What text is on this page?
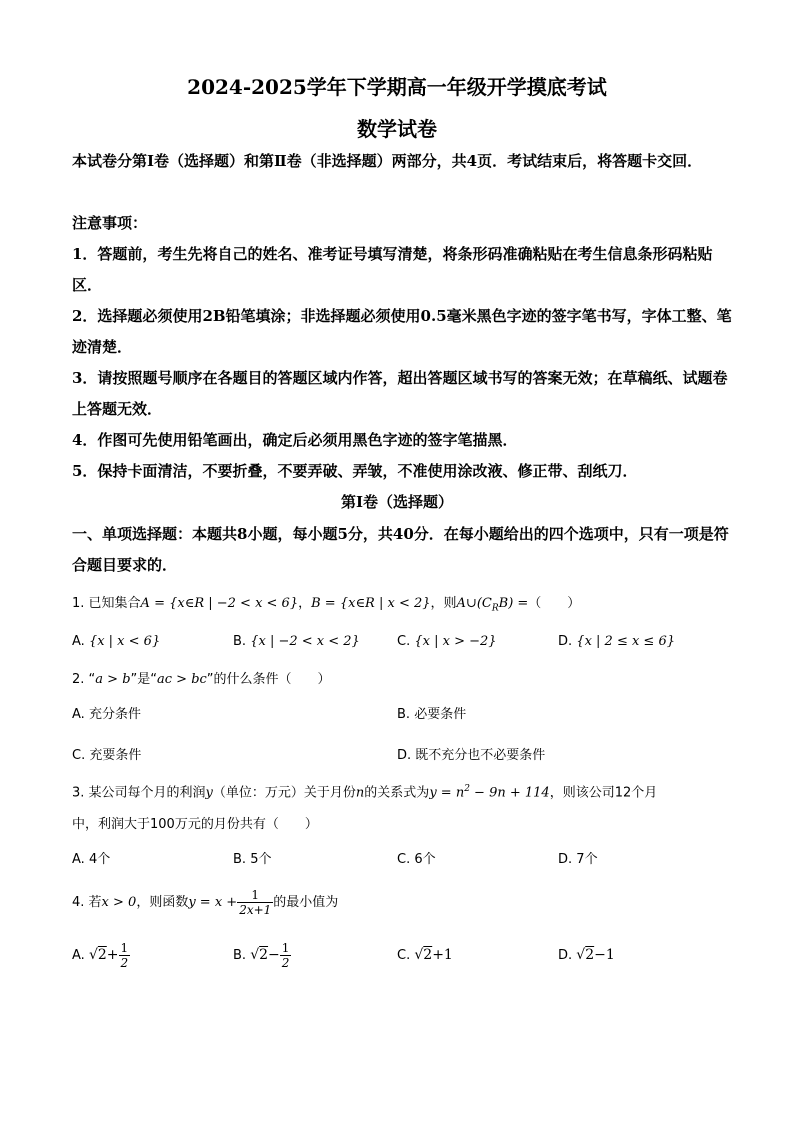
2024-2025学年下学期高一年级开学摸底考试
数学试卷
本试卷分第Ⅰ卷（选择题）和第Ⅱ卷（非选择题）两部分，共4页．考试结束后，将答题卡交回．
注意事项：
1．答题前，考生先将自己的姓名、准考证号填写清楚，将条形码准确粘贴在考生信息条形码粘贴区．
2．选择题必须使用2B铅笔填涂；非选择题必须使用0.5毫米黑色字迹的签字笔书写，字体工整、笔迹清楚．
3．请按照题号顺序在各题目的答题区域内作答，超出答题区域书写的答案无效；在草稿纸、试题卷上答题无效．
4．作图可先使用铅笔画出，确定后必须用黑色字迹的签字笔描黑．
5．保持卡面清洁，不要折叠，不要弄破、弄皱，不准使用涂改液、修正带、刮纸刀．
第Ⅰ卷（选择题）
一、单项选择题：本题共8小题，每小题5分，共40分．在每小题给出的四个选项中，只有一项是符合题目要求的．
1. 已知集合A = {x∈R | −2 < x < 6}，B = {x∈R | x < 2}，则$A\cup(C_RB)$ =（　　）
A. {x | x < 6}	B. {x | −2 < x < 2}	C. {x | x > −2}	D. {x | 2 ≤ x ≤ 6}
2. “a > b”是“ac > bc”的什么条件（　　）
A. 充分条件	B. 必要条件
C. 充要条件	D. 既不充分也不必要条件
3. 某公司每个月的利润y（单位：万元）关于月份n的关系式为$y = n^2 - 9n + 114$，则该公司12个月
中，利润大于100万元的月份共有（　　）
A. 4个	B. 5个	C. 6个	D. 7个
4. 若x > 0，则函数$y = x + \frac{1}{2x+1}$ 的最小值为
A. $√2+ \frac{1}{2}$	B. $√2- \frac{1}{2}$	C. √2+1	D. √2−1
